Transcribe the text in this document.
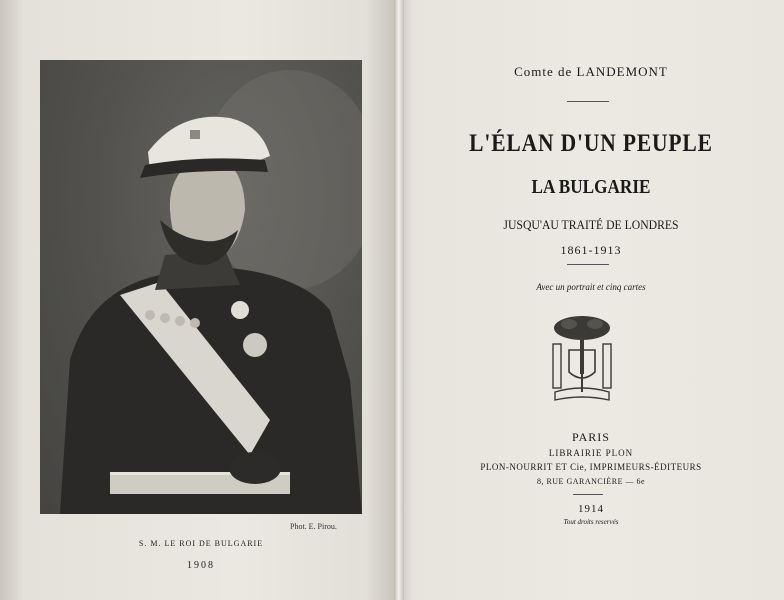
Phot. E. Pirou.
S. M. LE ROI DE BULGARIE
1908
Comte de LANDEMONT
L'ÉLAN D'UN PEUPLE
LA BULGARIE
JUSQU'AU TRAITÉ DE LONDRES
1861-1913
Avec un portrait et cinq cartes
P
PARIS
LIBRAIRIE PLON
PLON-NOURRIT ET Cie, IMPRIMEURS-ÉDITEURS
8, RUE GARANCIÈRE — 6e
1914
Tout droits reservés
